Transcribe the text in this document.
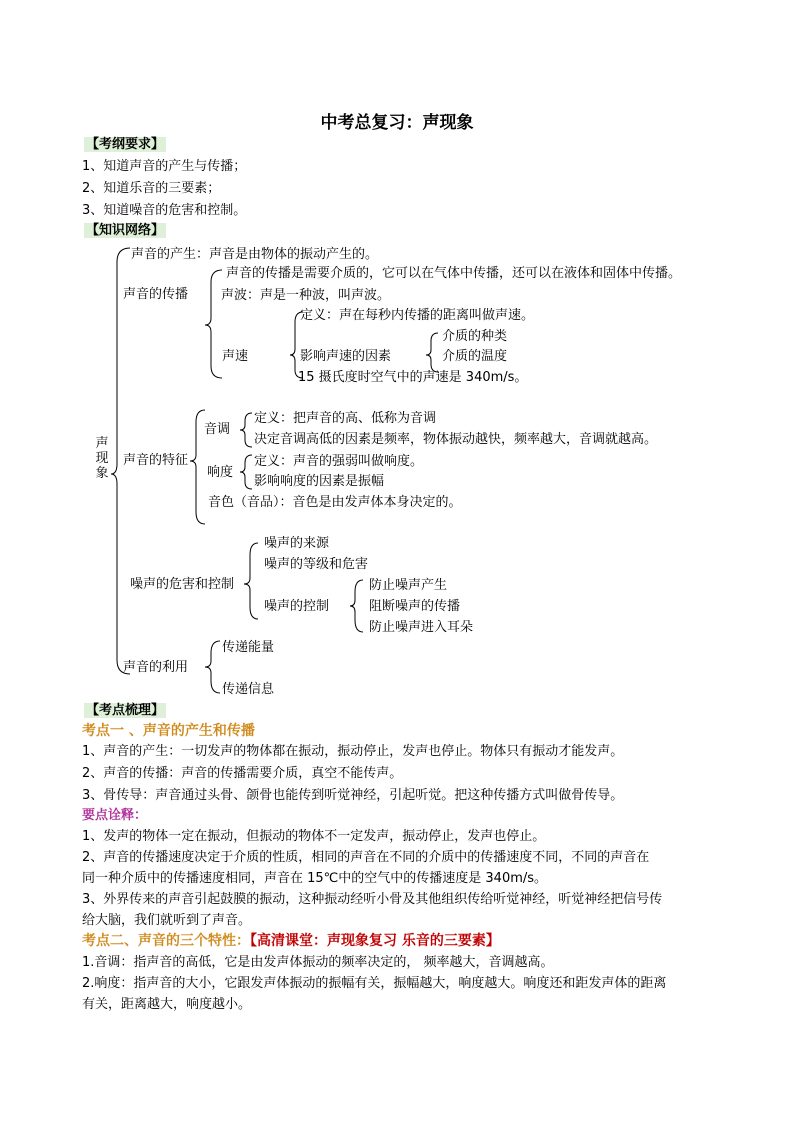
中考总复习：声现象
【考纲要求】
1、知道声音的产生与传播；
2、知道乐音的三要素；
3、知道噪音的危害和控制。
【知识网络】
声
现
象
声音的产生：声音是由物体的振动产生的。
声音的传播
声音的传播是需要介质的，它可以在气体中传播，还可以在液体和固体中传播。
声波：声是一种波，叫声波。
声速
定义：声在每秒内传播的距离叫做声速。
影响声速的因素
介质的种类
介质的温度
15 摄氏度时空气中的声速是 340m/s。
声音的特征
音调
定义：把声音的高、低称为音调
决定音调高低的因素是频率，物体振动越快，频率越大，音调就越高。
响度
定义：声音的强弱叫做响度。
影响响度的因素是振幅
音色（音品）：音色是由发声体本身决定的。
噪声的危害和控制
噪声的来源
噪声的等级和危害
噪声的控制
防止噪声产生
阻断噪声的传播
防止噪声进入耳朵
声音的利用
传递能量
传递信息
【考点梳理】
考点一 、声音的产生和传播
1、声音的产生：一切发声的物体都在振动，振动停止，发声也停止。物体只有振动才能发声。
2、声音的传播：声音的传播需要介质，真空不能传声。
3、骨传导：声音通过头骨、颌骨也能传到听觉神经，引起听觉。把这种传播方式叫做骨传导。
要点诠释：
1、发声的物体一定在振动，但振动的物体不一定发声，振动停止，发声也停止。
2、声音的传播速度决定于介质的性质，相同的声音在不同的介质中的传播速度不同，不同的声音在
同一种介质中的传播速度相同，声音在 15℃中的空气中的传播速度是 340m/s。
3、外界传来的声音引起鼓膜的振动，这种振动经听小骨及其他组织传给听觉神经，听觉神经把信号传
给大脑，我们就听到了声音。
考点二、声音的三个特性：【高清课堂：声现象复习 乐音的三要素】
1.音调：指声音的高低，它是由发声体振动的频率决定的， 频率越大，音调越高。
2.响度：指声音的大小，它跟发声体振动的振幅有关，振幅越大，响度越大。响度还和距发声体的距离
有关，距离越大，响度越小。
